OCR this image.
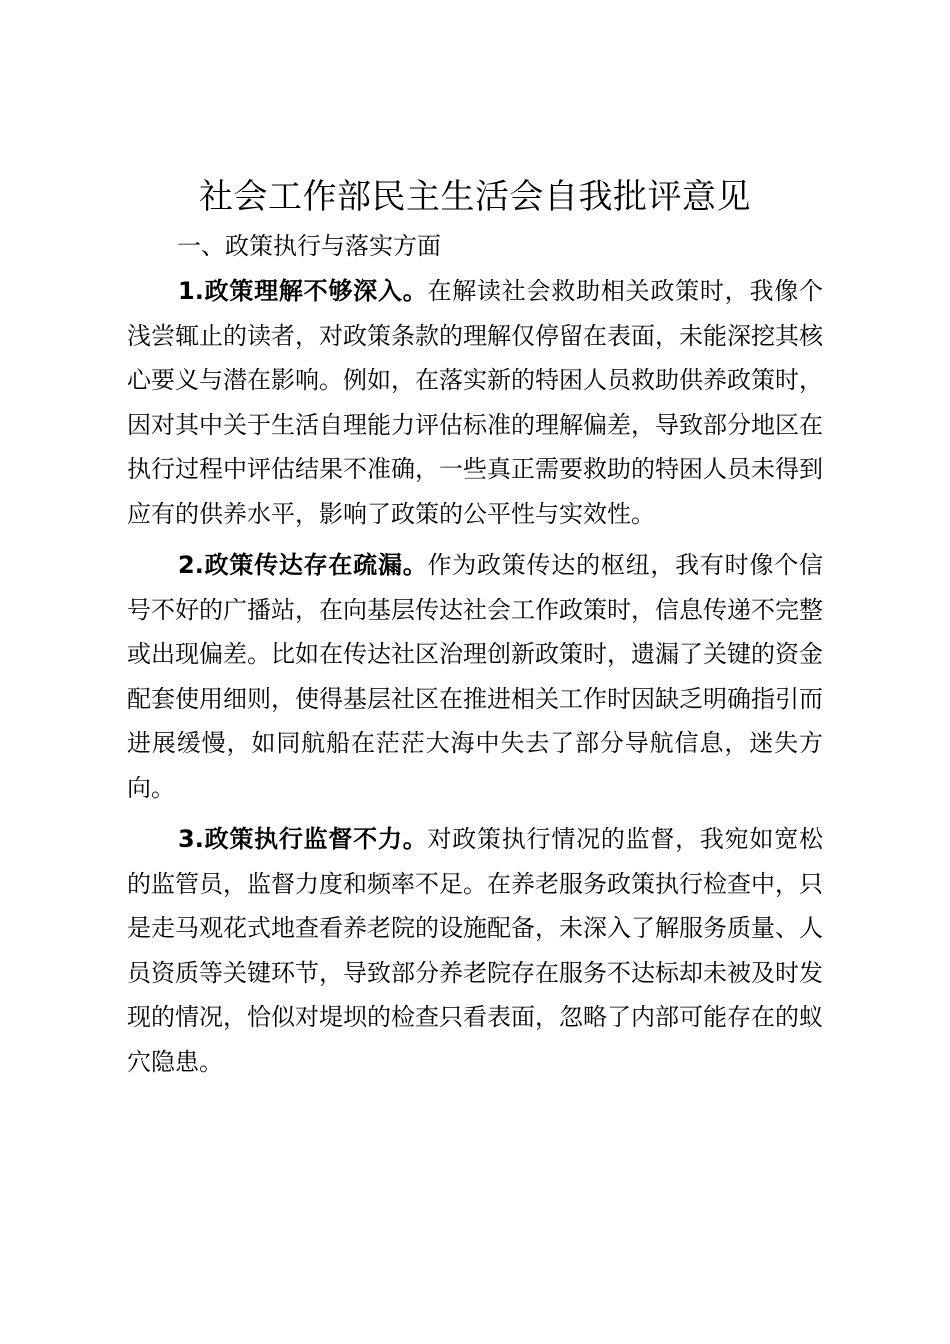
社会工作部民主生活会自我批评意见

一、政策执行与落实方面

1.政策理解不够深入。在解读社会救助相关政策时，我像个浅尝辄止的读者，对政策条款的理解仅停留在表面，未能深挖其核心要义与潜在影响。例如，在落实新的特困人员救助供养政策时，因对其中关于生活自理能力评估标准的理解偏差，导致部分地区在执行过程中评估结果不准确，一些真正需要救助的特困人员未得到应有的供养水平，影响了政策的公平性与实效性。

2.政策传达存在疏漏。作为政策传达的枢纽，我有时像个信号不好的广播站，在向基层传达社会工作政策时，信息传递不完整或出现偏差。比如在传达社区治理创新政策时，遗漏了关键的资金配套使用细则，使得基层社区在推进相关工作时因缺乏明确指引而进展缓慢，如同航船在茫茫大海中失去了部分导航信息，迷失方向。

3.政策执行监督不力。对政策执行情况的监督，我宛如宽松的监管员，监督力度和频率不足。在养老服务政策执行检查中，只是走马观花式地查看养老院的设施配备，未深入了解服务质量、人员资质等关键环节，导致部分养老院存在服务不达标却未被及时发现的情况，恰似对堤坝的检查只看表面，忽略了内部可能存在的蚁穴隐患。
